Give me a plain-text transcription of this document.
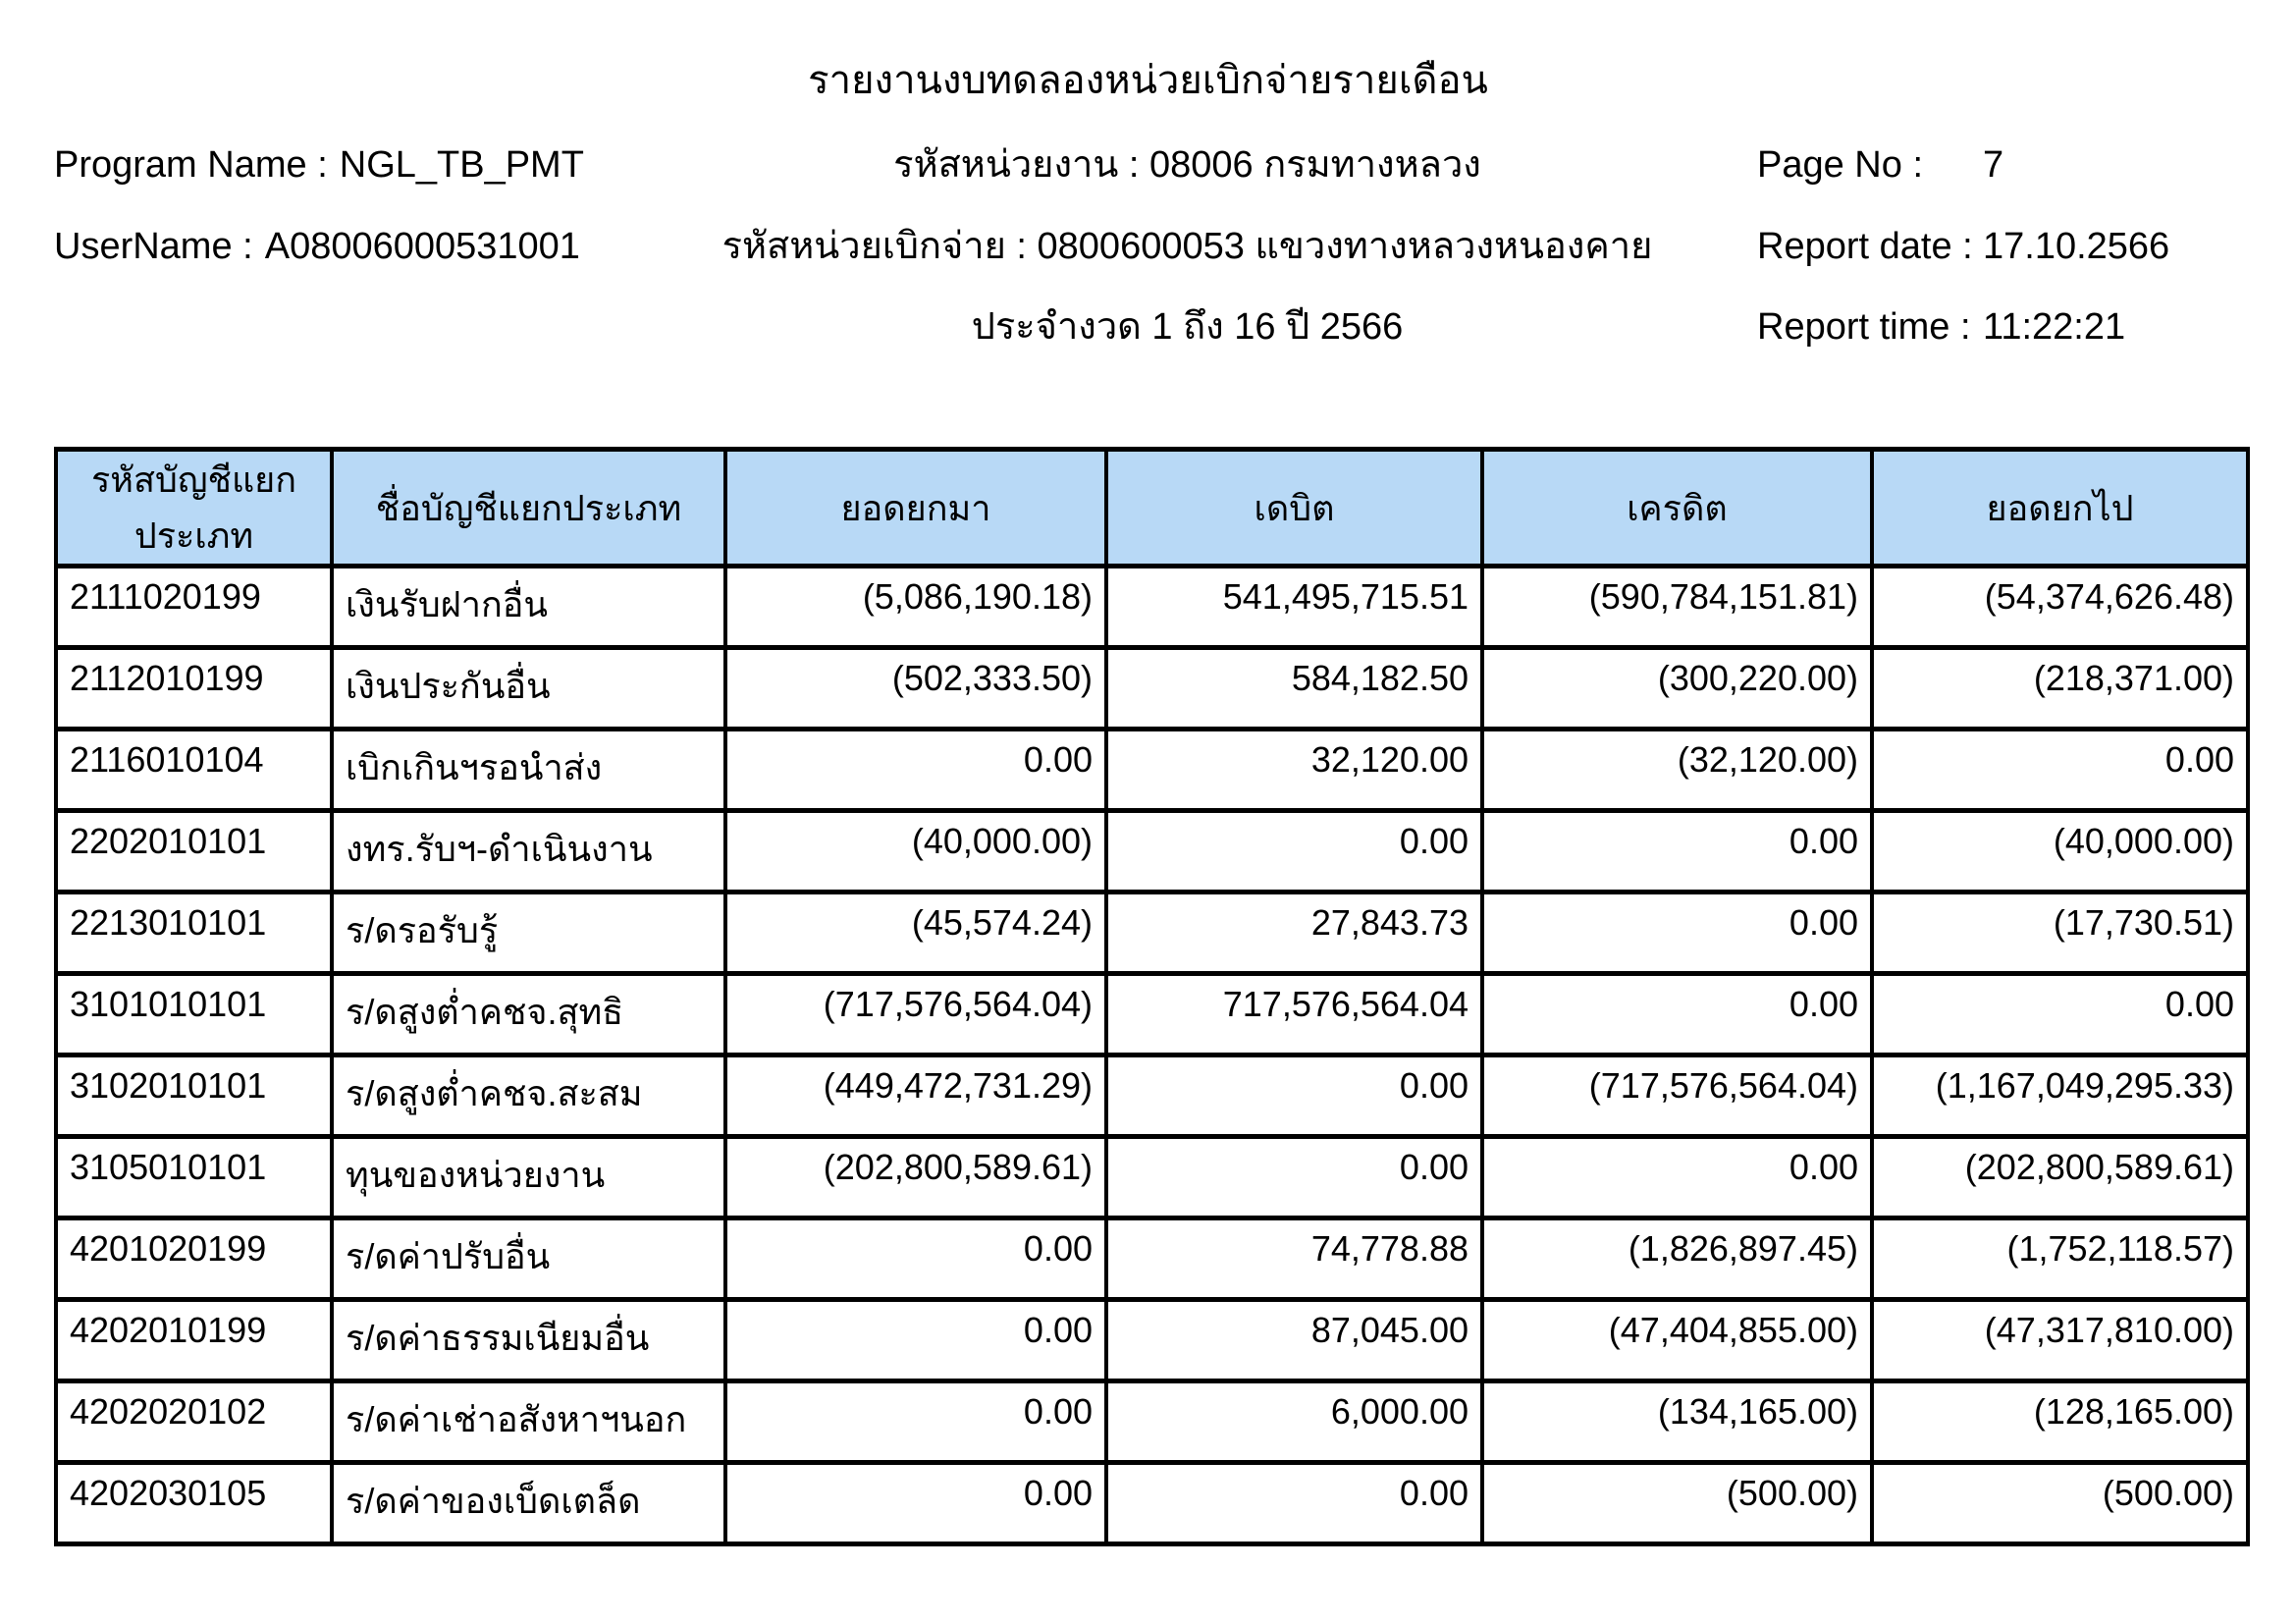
รายงานงบทดลองหน่วยเบิกจ่ายรายเดือน
Program Name : NGL_TB_PMT
UserName : A08006000531001
รหัสหน่วยงาน : 08006 กรมทางหลวง
รหัสหน่วยเบิกจ่าย : 0800600053 แขวงทางหลวงหนองคาย
ประจำงวด 1 ถึง 16 ปี 2566
Page No : 7
Report date : 17.10.2566
Report time : 11:22:21
รหัสบัญชีแยกประเภท	ชื่อบัญชีแยกประเภท	ยอดยกมา	เดบิต	เครดิต	ยอดยกไป
2111020199	เงินรับฝากอื่น	(5,086,190.18)	541,495,715.51	(590,784,151.81)	(54,374,626.48)
2112010199	เงินประกันอื่น	(502,333.50)	584,182.50	(300,220.00)	(218,371.00)
2116010104	เบิกเกินฯรอนำส่ง	0.00	32,120.00	(32,120.00)	0.00
2202010101	งทร.รับฯ-ดำเนินงาน	(40,000.00)	0.00	0.00	(40,000.00)
2213010101	ร/ดรอรับรู้	(45,574.24)	27,843.73	0.00	(17,730.51)
3101010101	ร/ดสูงต่ำคชจ.สุทธิ	(717,576,564.04)	717,576,564.04	0.00	0.00
3102010101	ร/ดสูงต่ำคชจ.สะสม	(449,472,731.29)	0.00	(717,576,564.04)	(1,167,049,295.33)
3105010101	ทุนของหน่วยงาน	(202,800,589.61)	0.00	0.00	(202,800,589.61)
4201020199	ร/ดค่าปรับอื่น	0.00	74,778.88	(1,826,897.45)	(1,752,118.57)
4202010199	ร/ดค่าธรรมเนียมอื่น	0.00	87,045.00	(47,404,855.00)	(47,317,810.00)
4202020102	ร/ดค่าเช่าอสังหาฯนอก	0.00	6,000.00	(134,165.00)	(128,165.00)
4202030105	ร/ดค่าของเบ็ดเตล็ด	0.00	0.00	(500.00)	(500.00)
